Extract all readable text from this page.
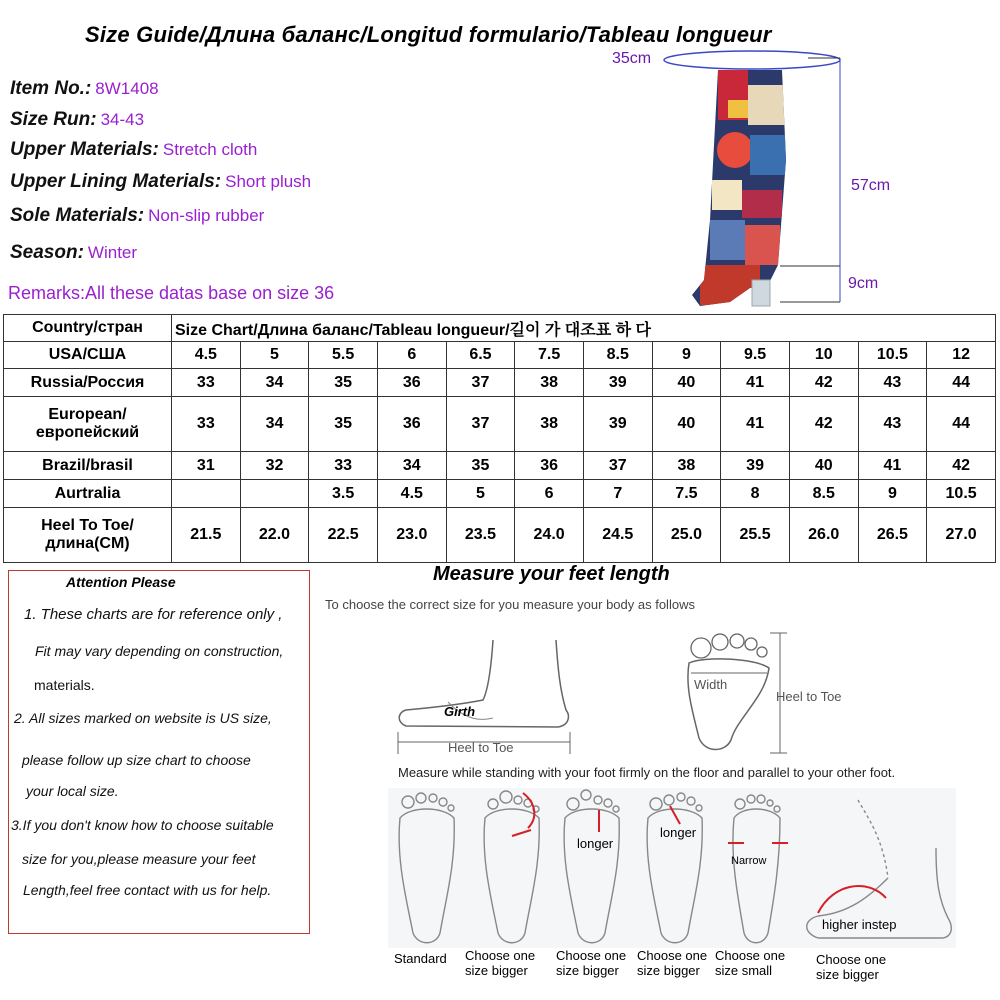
Size Guide/Длина баланс/Longitud formulario/Tableau longueur
Item No.: 8W1408
Size Run: 34-43
Upper Materials: Stretch cloth
Upper Lining Materials: Short plush
Sole Materials: Non-slip rubber
Season: Winter
Remarks:All these datas base on size 36
35cm
57cm
9cm
Country/стран	Size Chart/Длина баланс/Tableau longueur/길이 가 대조표 하 다											
USA/США	4.5	5	5.5	6	6.5	7.5	8.5	9	9.5	10	10.5	12
Russia/Россия	33	34	35	36	37	38	39	40	41	42	43	44
European/европейский	33	34	35	36	37	38	39	40	41	42	43	44
Brazil/brasil	31	32	33	34	35	36	37	38	39	40	41	42
Aurtralia			3.5	4.5	5	6	7	7.5	8	8.5	9	10.5
Heel To Toe/длина(CM)	21.5	22.0	22.5	23.0	23.5	24.0	24.5	25.0	25.5	26.0	26.5	27.0
Attention Please
1. These charts are for reference only ,
Fit may vary depending on construction,
materials.
2. All sizes marked on website is US size,
please follow up size chart to choose
your local size.
3.If you don't know how to choose suitable
size for you,please measure your feet
Length,feel free contact with us for help.
Measure your feet length
To choose the correct size for you measure your body as follows
Girth
Heel to Toe
Width
Heel to Toe
Measure while standing with your foot firmly on the floor and parallel to your other foot.
longer
longer
Narrow
higher instep
Standard Choose one size bigger
Choose one size bigger
Choose one size bigger
Choose one size small
Choose one size bigger
